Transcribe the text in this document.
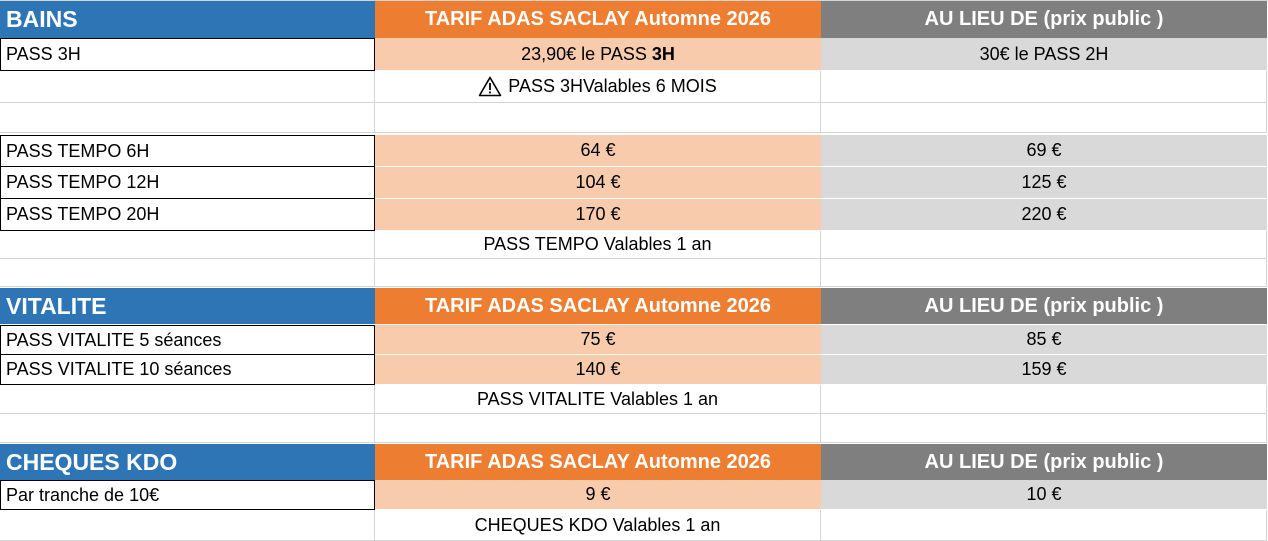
BAINS	TARIF ADAS SACLAY Automne 2026	AU LIEU DE (prix public )
PASS 3H	23,90€ le PASS 3H	30€ le PASS 2H
PASS 3HValables 6 MOIS
PASS TEMPO 6H	64 €	69 €
PASS TEMPO 12H	104 €	125 €
PASS TEMPO 20H	170 €	220 €
PASS TEMPO Valables 1 an
VITALITE	TARIF ADAS SACLAY Automne 2026	AU LIEU DE (prix public )
PASS VITALITE 5 séances	75 €	85 €
PASS VITALITE 10 séances	140 €	159 €
PASS VITALITE Valables 1 an
CHEQUES KDO	TARIF ADAS SACLAY Automne 2026	AU LIEU DE (prix public )
Par tranche de 10€	9 €	10 €
CHEQUES KDO Valables 1 an
